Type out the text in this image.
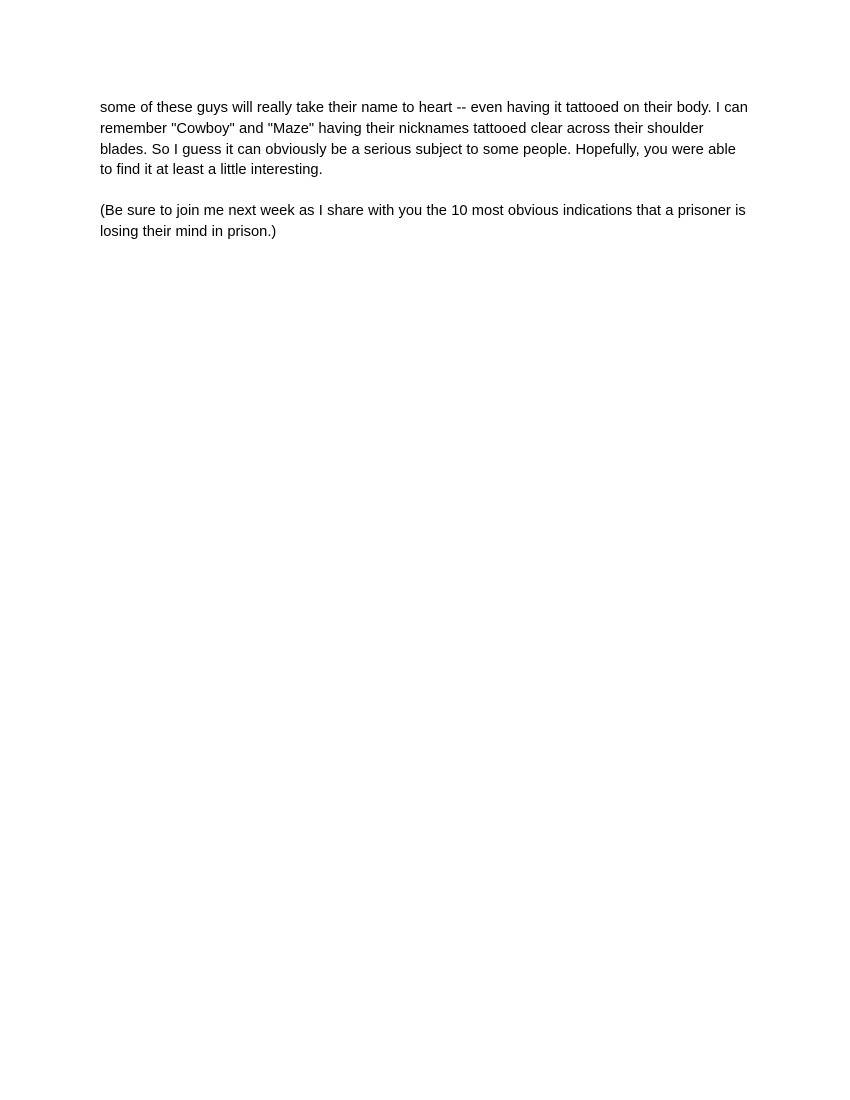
some of these guys will really take their name to heart -- even having it tattooed on their body. I can remember "Cowboy" and "Maze" having their nicknames tattooed clear across their shoulder blades. So I guess it can obviously be a serious subject to some people. Hopefully, you were able to find it at least a little interesting.

(Be sure to join me next week as I share with you the 10 most obvious indications that a prisoner is losing their mind in prison.)
